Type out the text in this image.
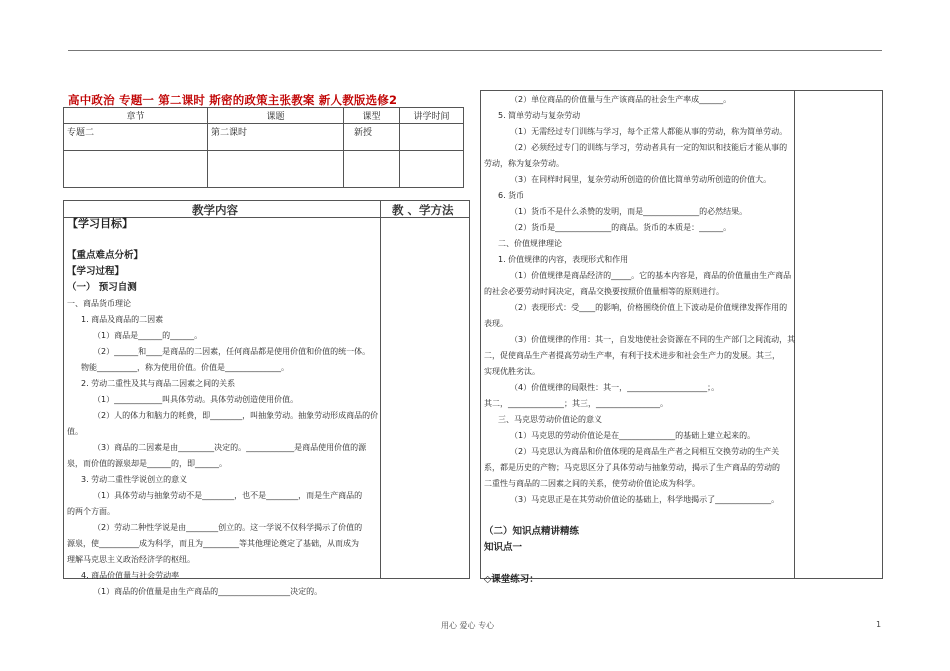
高中政治 专题一 第二课时 斯密的政策主张教案 新人教版选修2
章节	课题	课型	讲学时间
专题二	第二课时	新授	

教学内容	教 、学方法

【学习目标】

【重点难点分析】

【学习过程】

（一） 预习自测

一、商品货币理论

1. 商品及商品的二因素

（1）商品是______的______。

（2）______和____是商品的二因素，任何商品都是使用价值和价值的统一体。

物能__________，称为使用价值。价值是______________。

2. 劳动二重性及其与商品二因素之间的关系

（1）____________叫具体劳动。具体劳动创造使用价值。

（2）人的体力和脑力的耗费，即________，叫抽象劳动。抽象劳动形成商品的价

值。

（3）商品的二因素是由_________决定的。____________是商品使用价值的源

泉，而价值的源泉却是______的，即______。

3. 劳动二重性学说创立的意义

（1）具体劳动与抽象劳动不是________，也不是________，而是生产商品的

的两个方面。

（2）劳动二种性学说是由________创立的。这一学说不仅科学揭示了价值的

源泉，使__________成为科学，而且为_________等其他理论奠定了基础，从而成为

理解马克思主义政治经济学的枢纽。

4. 商品价值量与社会劳动率

（1）商品的价值量是由生产商品的__________________决定的。

（2）单位商品的价值量与生产该商品的社会生产率成______。

5. 简单劳动与复杂劳动

（1）无需经过专门训练与学习，每个正常人都能从事的劳动，称为简单劳动。

（2）必须经过专门的训练与学习，劳动者具有一定的知识和技能后才能从事的

劳动，称为复杂劳动。

（3）在同样时间里，复杂劳动所创造的价值比简单劳动所创造的价值大。

6. 货币

（1）货币不是什么杀赞的发明，而是______________的必然结果。

（2）货币是______________的商品。货币的本质是：______。

二、价值规律理论

1. 价值规律的内容，表现形式和作用

（1）价值规律是商品经济的_____。它的基本内容是，商品的价值量由生产商品

的社会必要劳动时间决定，商品交换要按照价值量相等的原则进行。

（2）表现形式：受____的影响，价格围绕价值上下波动是价值规律发挥作用的

表现。

（3）价值规律的作用：其一，自发地使社会资源在不同的生产部门之间流动，其

二，促使商品生产者提高劳动生产率，有利于技术进步和社会生产力的发展。其三，

实现优胜劣汰。

（4）价值规律的局限性：其一，____________________；。

其二，______________；其三，________________。

三、马克思劳动价值论的意义

（1）马克思的劳动价值论是在______________的基础上建立起来的。

（2）马克思认为商品和价值体现的是商品生产者之间相互交换劳动的生产关

系，都是历史的产物；马克思区分了具体劳动与抽象劳动，揭示了生产商品的劳动的

二重性与商品的二因素之间的关系，使劳动价值论成为科学。

（3）马克思正是在其劳动价值论的基础上，科学地揭示了______________。

（二）知识点精讲精练

知识点一

◇课堂练习：

用心 爱心 专心	1
